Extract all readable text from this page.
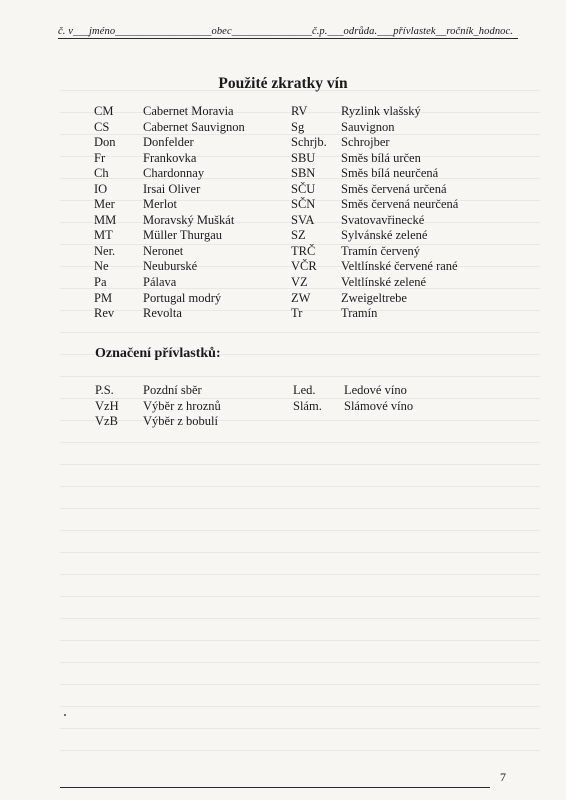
č. v___jméno__________________obec_______________č.p.___odrůda.___přívlastek__ročník_hodnoc.
Použité zkratky vín
CM	Cabernet Moravia	RV	Ryzlink vlašský
CS	Cabernet Sauvignon	Sg	Sauvignon
Don	Donfelder	Schrjb.	Schrojber
Fr	Frankovka	SBU	Směs bílá určen
Ch	Chardonnay	SBN	Směs bílá neurčená
IO	Irsai Oliver	SČU	Směs červená určená
Mer	Merlot	SČN	Směs červená neurčená
MM	Moravský Muškát	SVA	Svatovavřinecké
MT	Müller Thurgau	SZ	Sylvánské zelené
Ner.	Neronet	TRČ	Tramín červený
Ne	Neuburské	VČR	Veltlínské červené rané
Pa	Pálava	VZ	Veltlínské zelené
PM	Portugal modrý	ZW	Zweigeltrebe
Rev	Revolta	Tr	Tramín
Označení přívlastků:
P.S.	Pozdní sběr	Led.	Ledové víno
VzH	Výběr z hroznů	Slám.	Slámové víno
VzB	Výběr z bobulí
7
